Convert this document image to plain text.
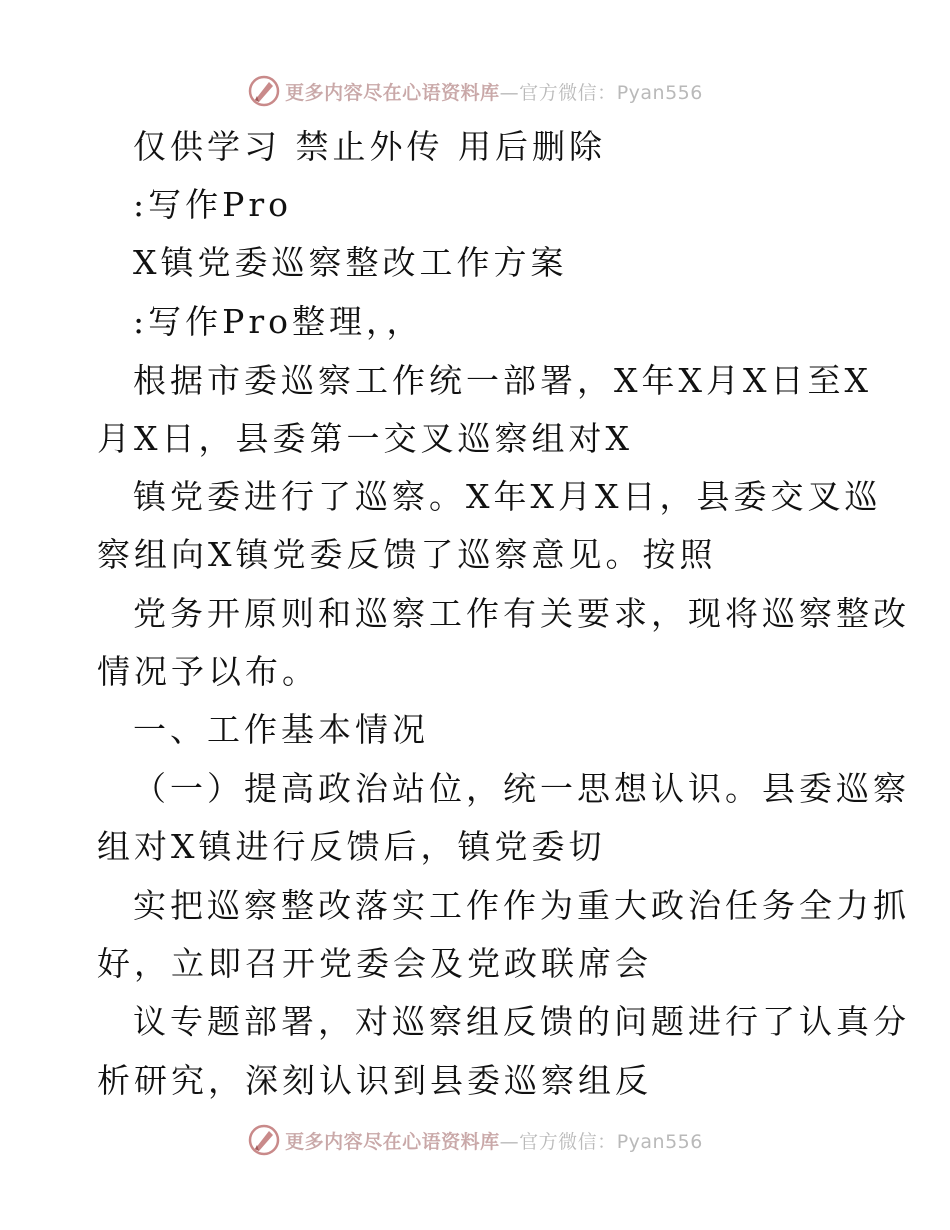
更多内容尽在心语资料库—官方微信：Pyan556
仅供学习 禁止外传 用后删除
:写作Pro
X镇党委巡察整改工作方案
:写作Pro整理，，
根据市委巡察工作统一部署，X年X月X日至X
月X日，县委第一交叉巡察组对X
镇党委进行了巡察。X年X月X日，县委交叉巡
察组向X镇党委反馈了巡察意见。按照
党务开原则和巡察工作有关要求，现将巡察整改
情况予以布。
一、工作基本情况
（一）提高政治站位，统一思想认识。县委巡察
组对X镇进行反馈后，镇党委切
实把巡察整改落实工作作为重大政治任务全力抓
好，立即召开党委会及党政联席会
议专题部署，对巡察组反馈的问题进行了认真分
析研究，深刻认识到县委巡察组反
更多内容尽在心语资料库—官方微信：Pyan556
